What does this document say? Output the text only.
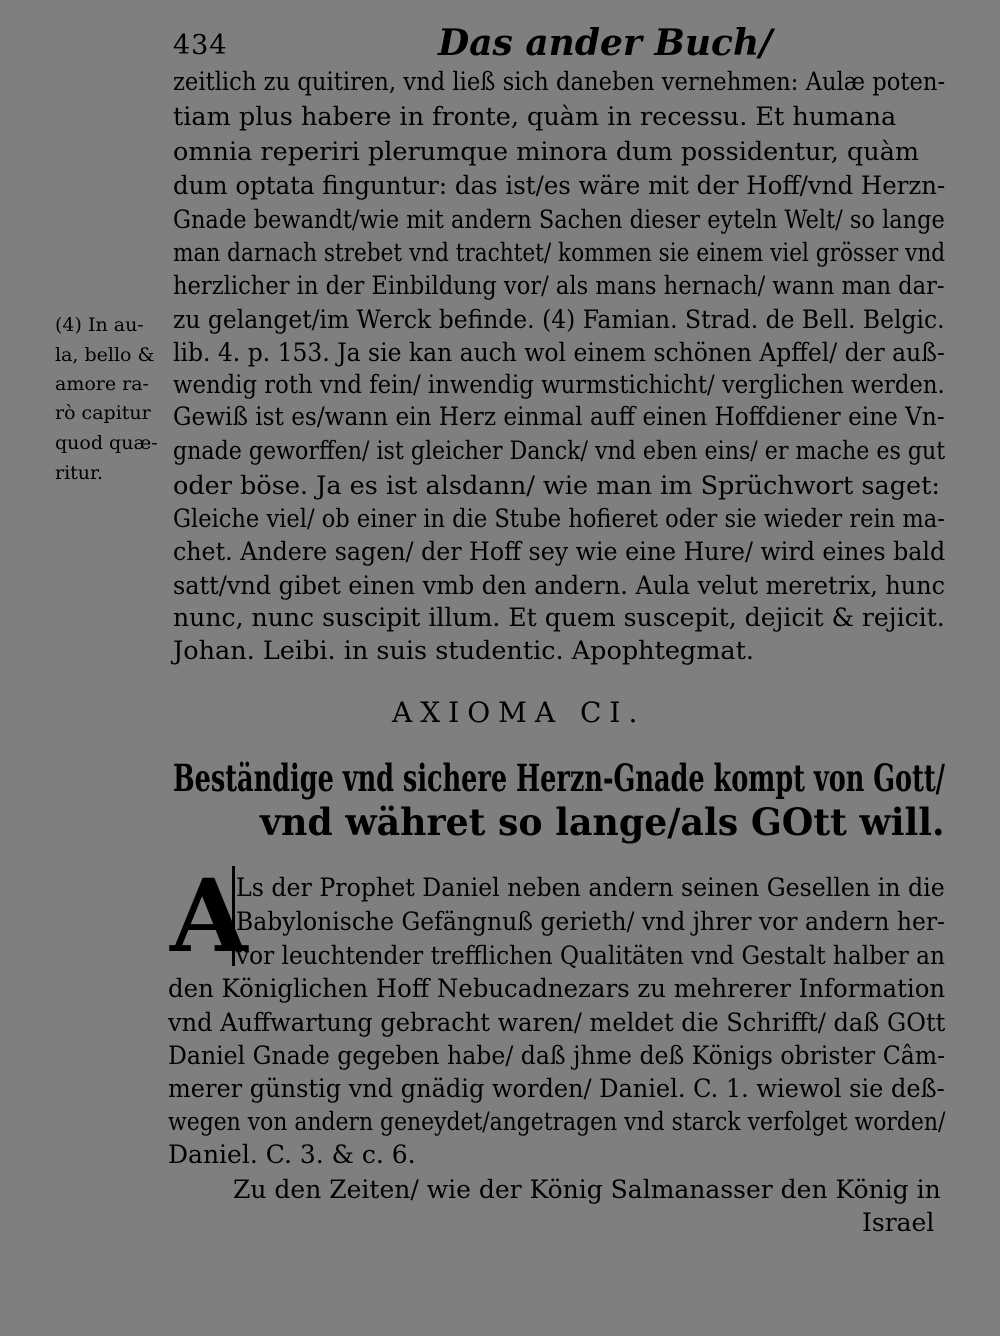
434	Das ander Buch/
zeitlich zu quitiren, vnd ließ sich daneben vernehmen: Aulæ poten-
tiam plus habere in fronte, quàm in recessu. Et humana
omnia reperiri plerumque minora dum possidentur, quàm
dum optata finguntur: das ist/es wäre mit der Hoff/vnd Herzn-
Gnade bewandt/wie mit andern Sachen dieser eyteln Welt/ so lange
man darnach strebet vnd trachtet/ kommen sie einem viel grösser vnd
herzlicher in der Einbildung vor/ als mans hernach/ wann man dar-
zu gelanget/im Werck befinde. (4) Famian. Strad. de Bell. Belgic.
lib. 4. p. 153. Ja sie kan auch wol einem schönen Apffel/ der auß-
wendig roth vnd fein/ inwendig wurmstichicht/ verglichen werden.
Gewiß ist es/wann ein Herz einmal auff einen Hoffdiener eine Vn-
gnade geworffen/ ist gleicher Danck/ vnd eben eins/ er mache es gut
oder böse. Ja es ist alsdann/ wie man im Sprüchwort saget:
Gleiche viel/ ob einer in die Stube hofieret oder sie wieder rein ma-
chet. Andere sagen/ der Hoff sey wie eine Hure/ wird eines bald
satt/vnd gibet einen vmb den andern. Aula velut meretrix, hunc
nunc, nunc suscipit illum. Et quem suscepit, dejicit & rejicit.
Johan. Leibi. in suis studentic. Apophtegmat.
(4) In au-
la, bello &
amore ra-
rò capitur
quod quæ-
ritur.
AXIOMA CI.
Beständige vnd sichere Herzn-Gnade kompt von Gott/
vnd währet so lange/als GOtt will.
A
Ls der Prophet Daniel neben andern seinen Gesellen in die
Babylonische Gefängnuß gerieth/ vnd jhrer vor andern her-
vor leuchtender trefflichen Qualitäten vnd Gestalt halber an
den Königlichen Hoff Nebucadnezars zu mehrerer Information
vnd Auffwartung gebracht waren/ meldet die Schrifft/ daß GOtt
Daniel Gnade gegeben habe/ daß jhme deß Königs obrister Câm-
merer günstig vnd gnädig worden/ Daniel. C. 1. wiewol sie deß-
wegen von andern geneydet/angetragen vnd starck verfolget worden/
Daniel. C. 3. & c. 6.
Zu den Zeiten/ wie der König Salmanasser den König in
Israel
